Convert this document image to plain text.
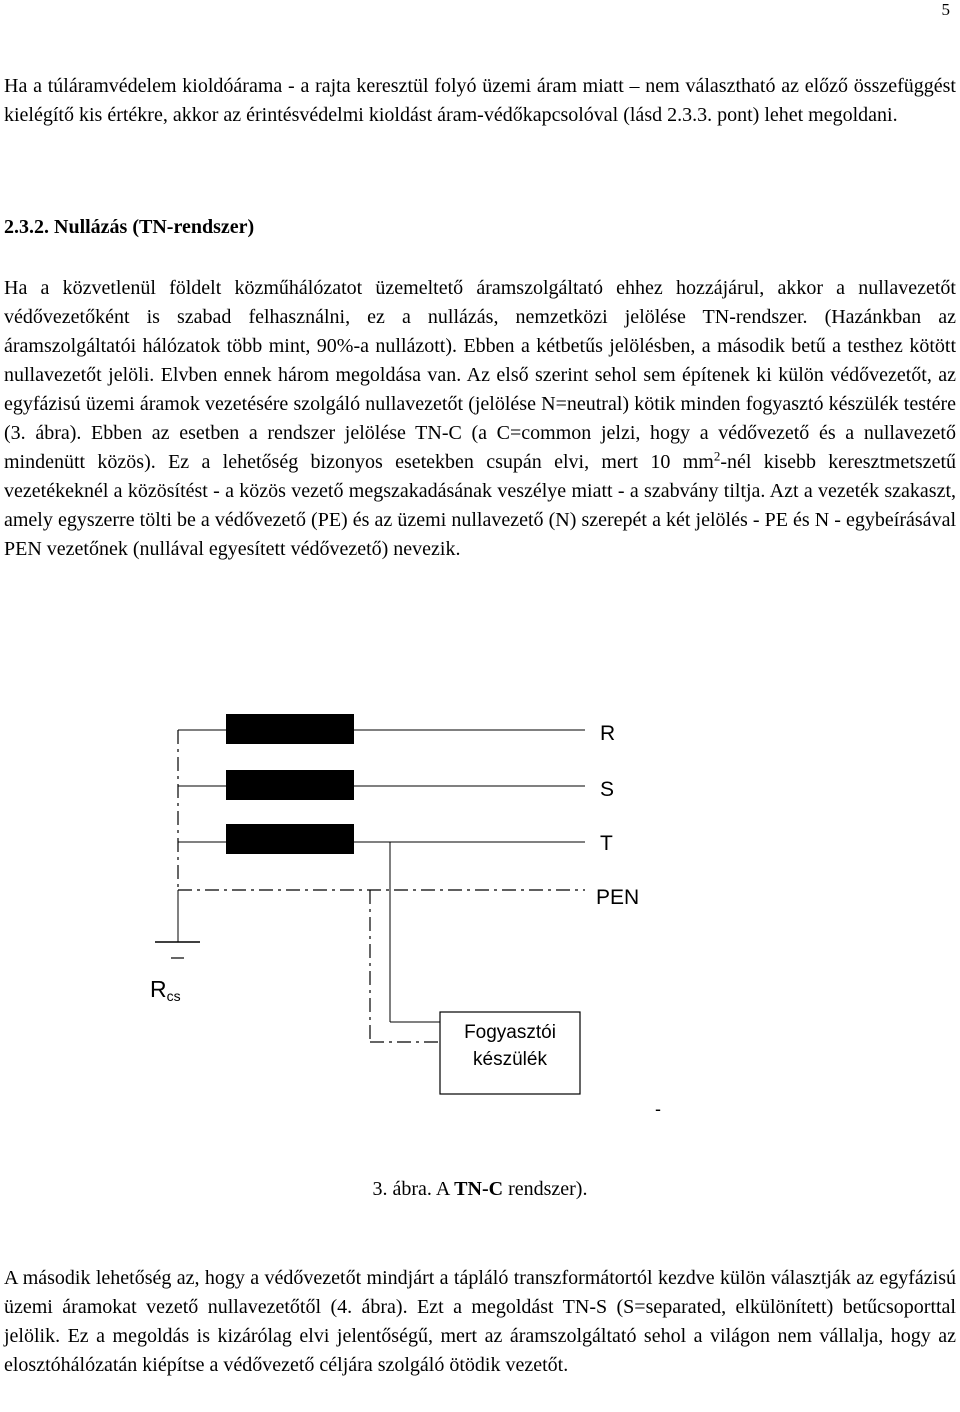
5

Ha a túláramvédelem kioldóárama - a rajta keresztül folyó üzemi áram miatt – nem választható az előző összefüggést kielégítő kis értékre, akkor az érintésvédelmi kioldást áram-védőkapcsolóval (lásd 2.3.3. pont) lehet megoldani.

2.3.2. Nullázás (TN-rendszer)

Ha a közvetlenül földelt közműhálózatot üzemeltető áramszolgáltató ehhez hozzájárul, akkor a nullavezetőt védővezetőként is szabad felhasználni, ez a nullázás, nemzetközi jelölése TN-rendszer. (Hazánkban az áramszolgáltatói hálózatok több mint, 90%-a nullázott). Ebben a kétbetűs jelölésben, a második betű a testhez kötött nullavezetőt jelöli. Elvben ennek három megoldása van. Az első szerint sehol sem építenek ki külön védővezetőt, az egyfázisú üzemi áramok vezetésére szolgáló nullavezetőt (jelölése N=neutral) kötik minden fogyasztó készülék testére (3. ábra). Ebben az esetben a rendszer jelölése TN-C (a C=common jelzi, hogy a védővezető és a nullavezető mindenütt közös). Ez a lehetőség bizonyos esetekben csupán elvi, mert 10 $mm^2$-nél kisebb keresztmetszetű vezetékeknél a közösítést - a közös vezető megszakadásának veszélye miatt - a szabvány tiltja. Azt a vezeték szakaszt, amely egyszerre tölti be a védővezető (PE) és az üzemi nullavezető (N) szerepét a két jelölés - PE és N - egybeírásával PEN vezetőnek (nullával egyesített védővezető) nevezik.

R
S
T
PEN
Rcs
Fogyasztói
készülék
-
3. ábra. A TN-C rendszer).

A második lehetőség az, hogy a védővezetőt mindjárt a tápláló transzformátortól kezdve külön választják az egyfázisú üzemi áramokat vezető nullavezetőtől (4. ábra). Ezt a megoldást TN-S (S=separated, elkülönített) betűcsoporttal jelölik. Ez a megoldás is kizárólag elvi jelentőségű, mert az áramszolgáltató sehol a világon nem vállalja, hogy az elosztóhálózatán kiépítse a védővezető céljára szolgáló ötödik vezetőt.
